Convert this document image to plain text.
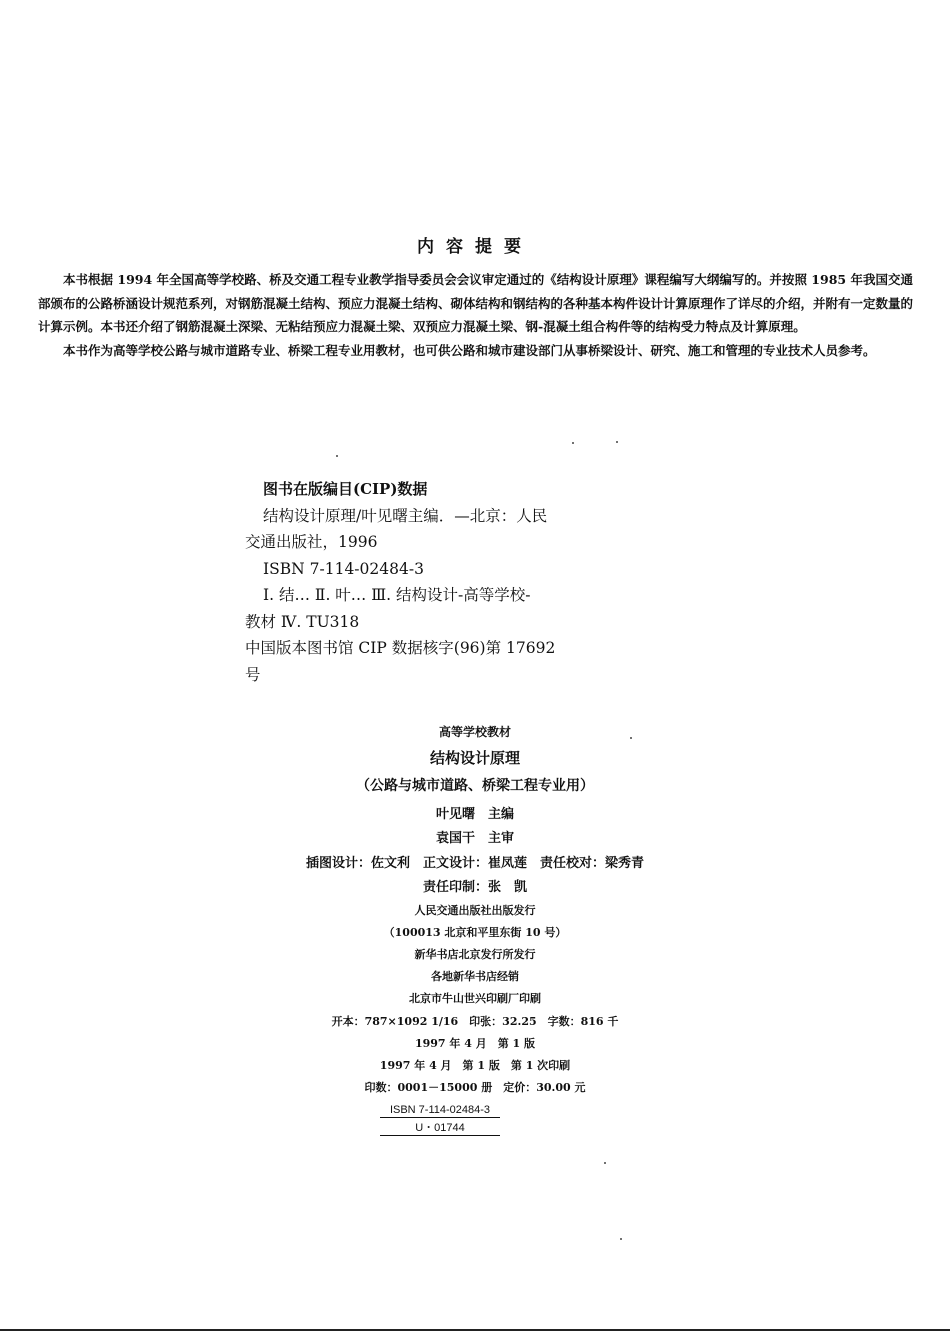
内容提要

本书根据 1994 年全国高等学校路、桥及交通工程专业教学指导委员会会议审定通过的《结构设计原理》课程编写大纲编写的。并按照 1985 年我国交通部颁布的公路桥涵设计规范系列，对钢筋混凝土结构、预应力混凝土结构、砌体结构和钢结构的各种基本构件设计计算原理作了详尽的介绍，并附有一定数量的计算示例。本书还介绍了钢筋混凝土深梁、无粘结预应力混凝土梁、双预应力混凝土梁、钢-混凝土组合构件等的结构受力特点及计算原理。

本书作为高等学校公路与城市道路专业、桥梁工程专业用教材，也可供公路和城市建设部门从事桥梁设计、研究、施工和管理的专业技术人员参考。

图书在版编目(CIP)数据
结构设计原理/叶见曙主编．—北京：人民
交通出版社，1996
ISBN 7-114-02484-3
Ⅰ. 结… Ⅱ. 叶… Ⅲ. 结构设计-高等学校-
教材 Ⅳ. TU318
中国版本图书馆 CIP 数据核字(96)第 17692
号
高等学校教材
结构设计原理
（公路与城市道路、桥梁工程专业用）
叶见曙　主编
袁国干　主审
插图设计：佐文利　正文设计：崔凤莲　责任校对：梁秀青
责任印制：张　凯
人民交通出版社出版发行
（100013 北京和平里东街 10 号）
新华书店北京发行所发行
各地新华书店经销
北京市牛山世兴印刷厂印刷
开本：787×1092 1/16　印张：32.25　字数：816 千
1997 年 4 月　第 1 版
1997 年 4 月　第 1 版　第 1 次印刷
印数：0001－15000 册　定价：30.00 元
ISBN 7-114-02484-3
U・01744
